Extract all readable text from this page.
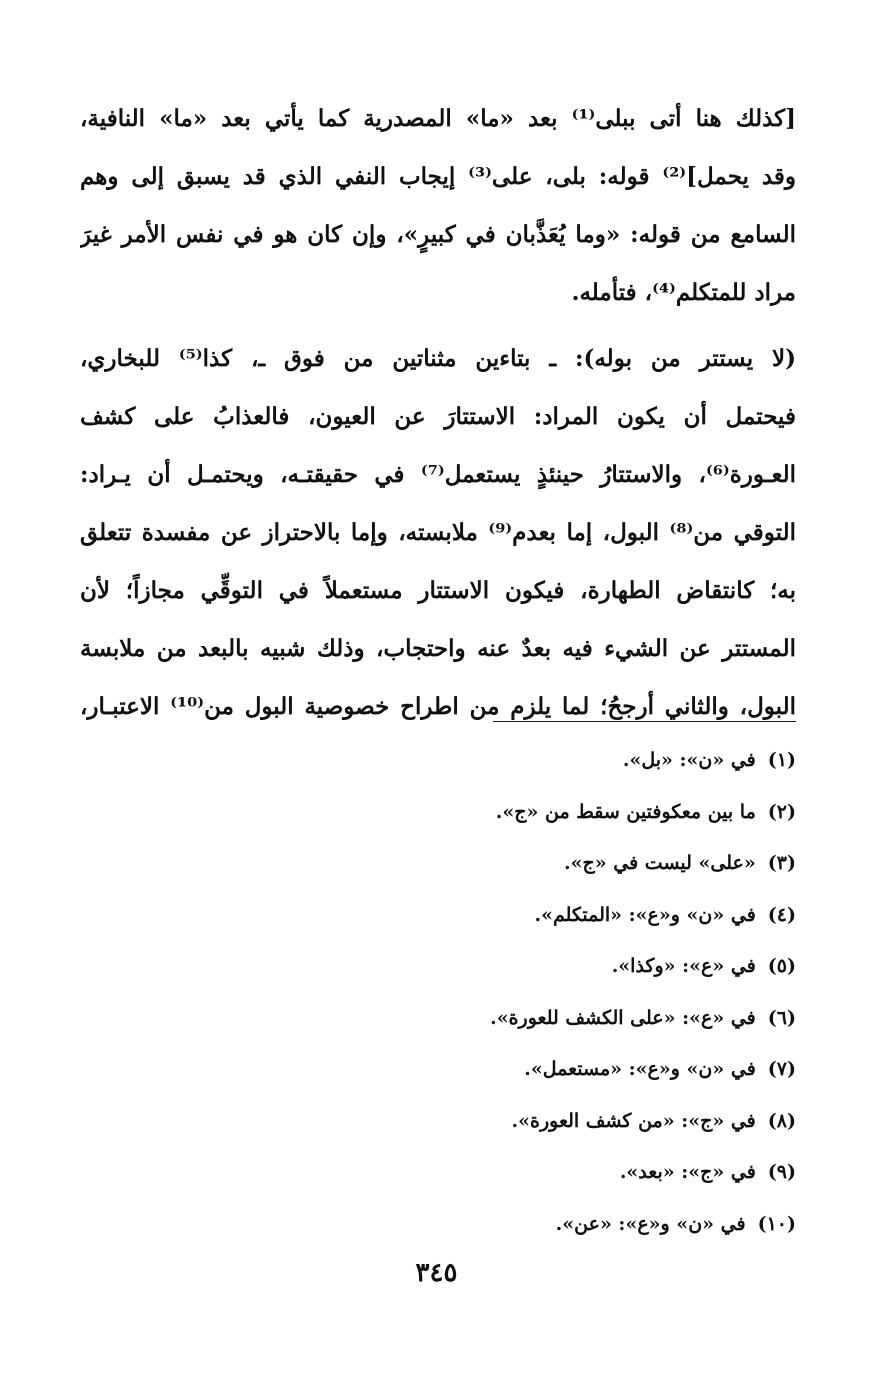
[كذلك هنا أتى ببلى⁽¹⁾ بعد «ما» المصدرية كما يأتي بعد «ما» النافية،
وقد يحمل]⁽²⁾ قوله: بلى، على⁽³⁾ إيجاب النفي الذي قد يسبق إلى وهم
السامع من قوله: «وما يُعَذَّبان في كبيرٍ»، وإن كان هو في نفس الأمر غيرَ
مراد للمتكلم⁽⁴⁾، فتأمله.
(لا يستتر من بوله): ـ بتاءين مثناتين من فوق ـ، كذا⁽⁵⁾ للبخاري،
فيحتمل أن يكون المراد: الاستتارَ عن العيون، فالعذابُ على كشف
العـورة⁽⁶⁾، والاستتارُ حينئذٍ يستعمل⁽⁷⁾ في حقيقتـه، ويحتمـل أن يـراد:
التوقي من⁽⁸⁾ البول، إما بعدم⁽⁹⁾ ملابسته، وإما بالاحتراز عن مفسدة تتعلق
به؛ كانتقاض الطهارة، فيكون الاستتار مستعملاً في التوقِّي مجازاً؛ لأن
المستتر عن الشيء فيه بعدٌ عنه واحتجاب، وذلك شبيه بالبعد من ملابسة
البول، والثاني أرجحُ؛ لما يلزم من اطراح خصوصية البول من⁽¹⁰⁾ الاعتبـار،
(١)في «ن»: «بل».
(٢)ما بين معكوفتين سقط من «ج».
(٣)«على» ليست في «ج».
(٤)في «ن» و«ع»: «المتكلم».
(٥)في «ع»: «وكذا».
(٦)في «ع»: «على الكشف للعورة».
(٧)في «ن» و«ع»: «مستعمل».
(٨)في «ج»: «من كشف العورة».
(٩)في «ج»: «بعد».
(١٠)في «ن» و«ع»: «عن».
٣٤٥
